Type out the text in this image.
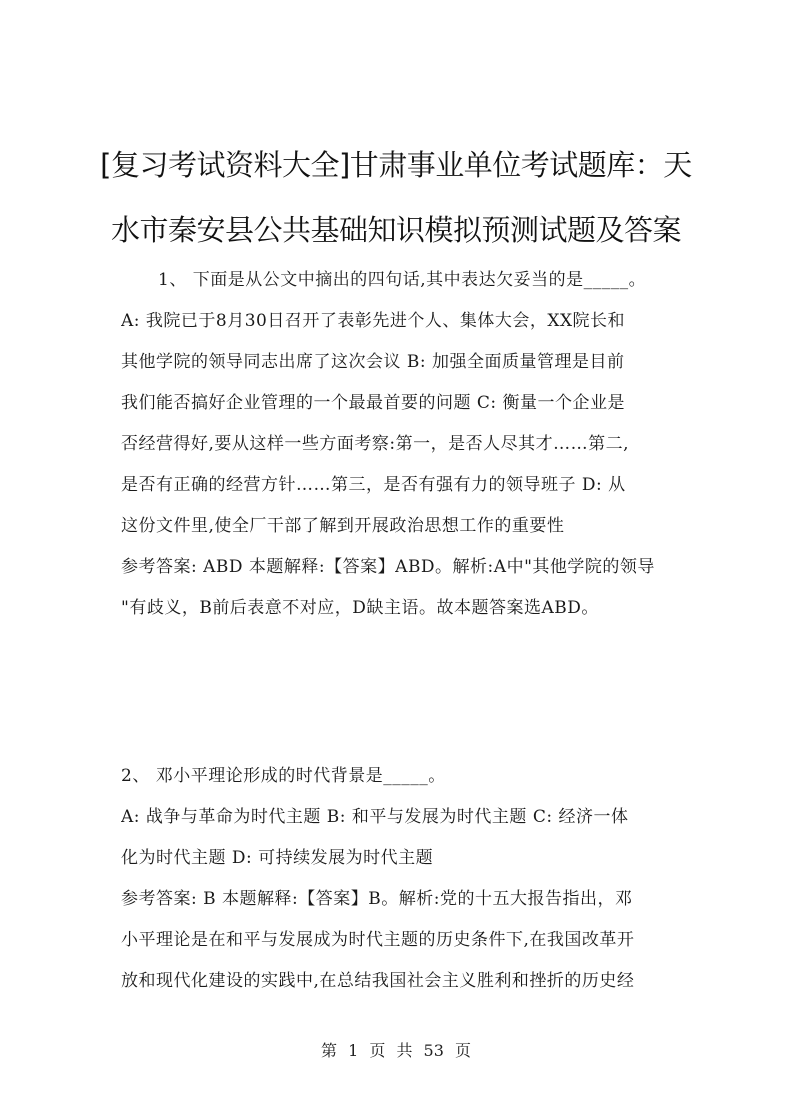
[复习考试资料大全]甘肃事业单位考试题库：天
水市秦安县公共基础知识模拟预测试题及答案
1、 下面是从公文中摘出的四句话,其中表达欠妥当的是_____。
A: 我院已于8月30日召开了表彰先进个人、集体大会，XX院长和
其他学院的领导同志出席了这次会议 B: 加强全面质量管理是目前
我们能否搞好企业管理的一个最最首要的问题 C: 衡量一个企业是
否经营得好,要从这样一些方面考察:第一，是否人尽其才……第二,
是否有正确的经营方针……第三，是否有强有力的领导班子 D: 从
这份文件里,使全厂干部了解到开展政治思想工作的重要性
参考答案: ABD 本题解释:【答案】ABD。解析:A中"其他学院的领导
"有歧义，B前后表意不对应，D缺主语。故本题答案选ABD。
2、 邓小平理论形成的时代背景是_____。
A: 战争与革命为时代主题 B: 和平与发展为时代主题 C: 经济一体
化为时代主题 D: 可持续发展为时代主题
参考答案: B 本题解释:【答案】B。解析:党的十五大报告指出，邓
小平理论是在和平与发展成为时代主题的历史条件下,在我国改革开
放和现代化建设的实践中,在总结我国社会主义胜利和挫折的历史经
第 1 页 共 53 页
